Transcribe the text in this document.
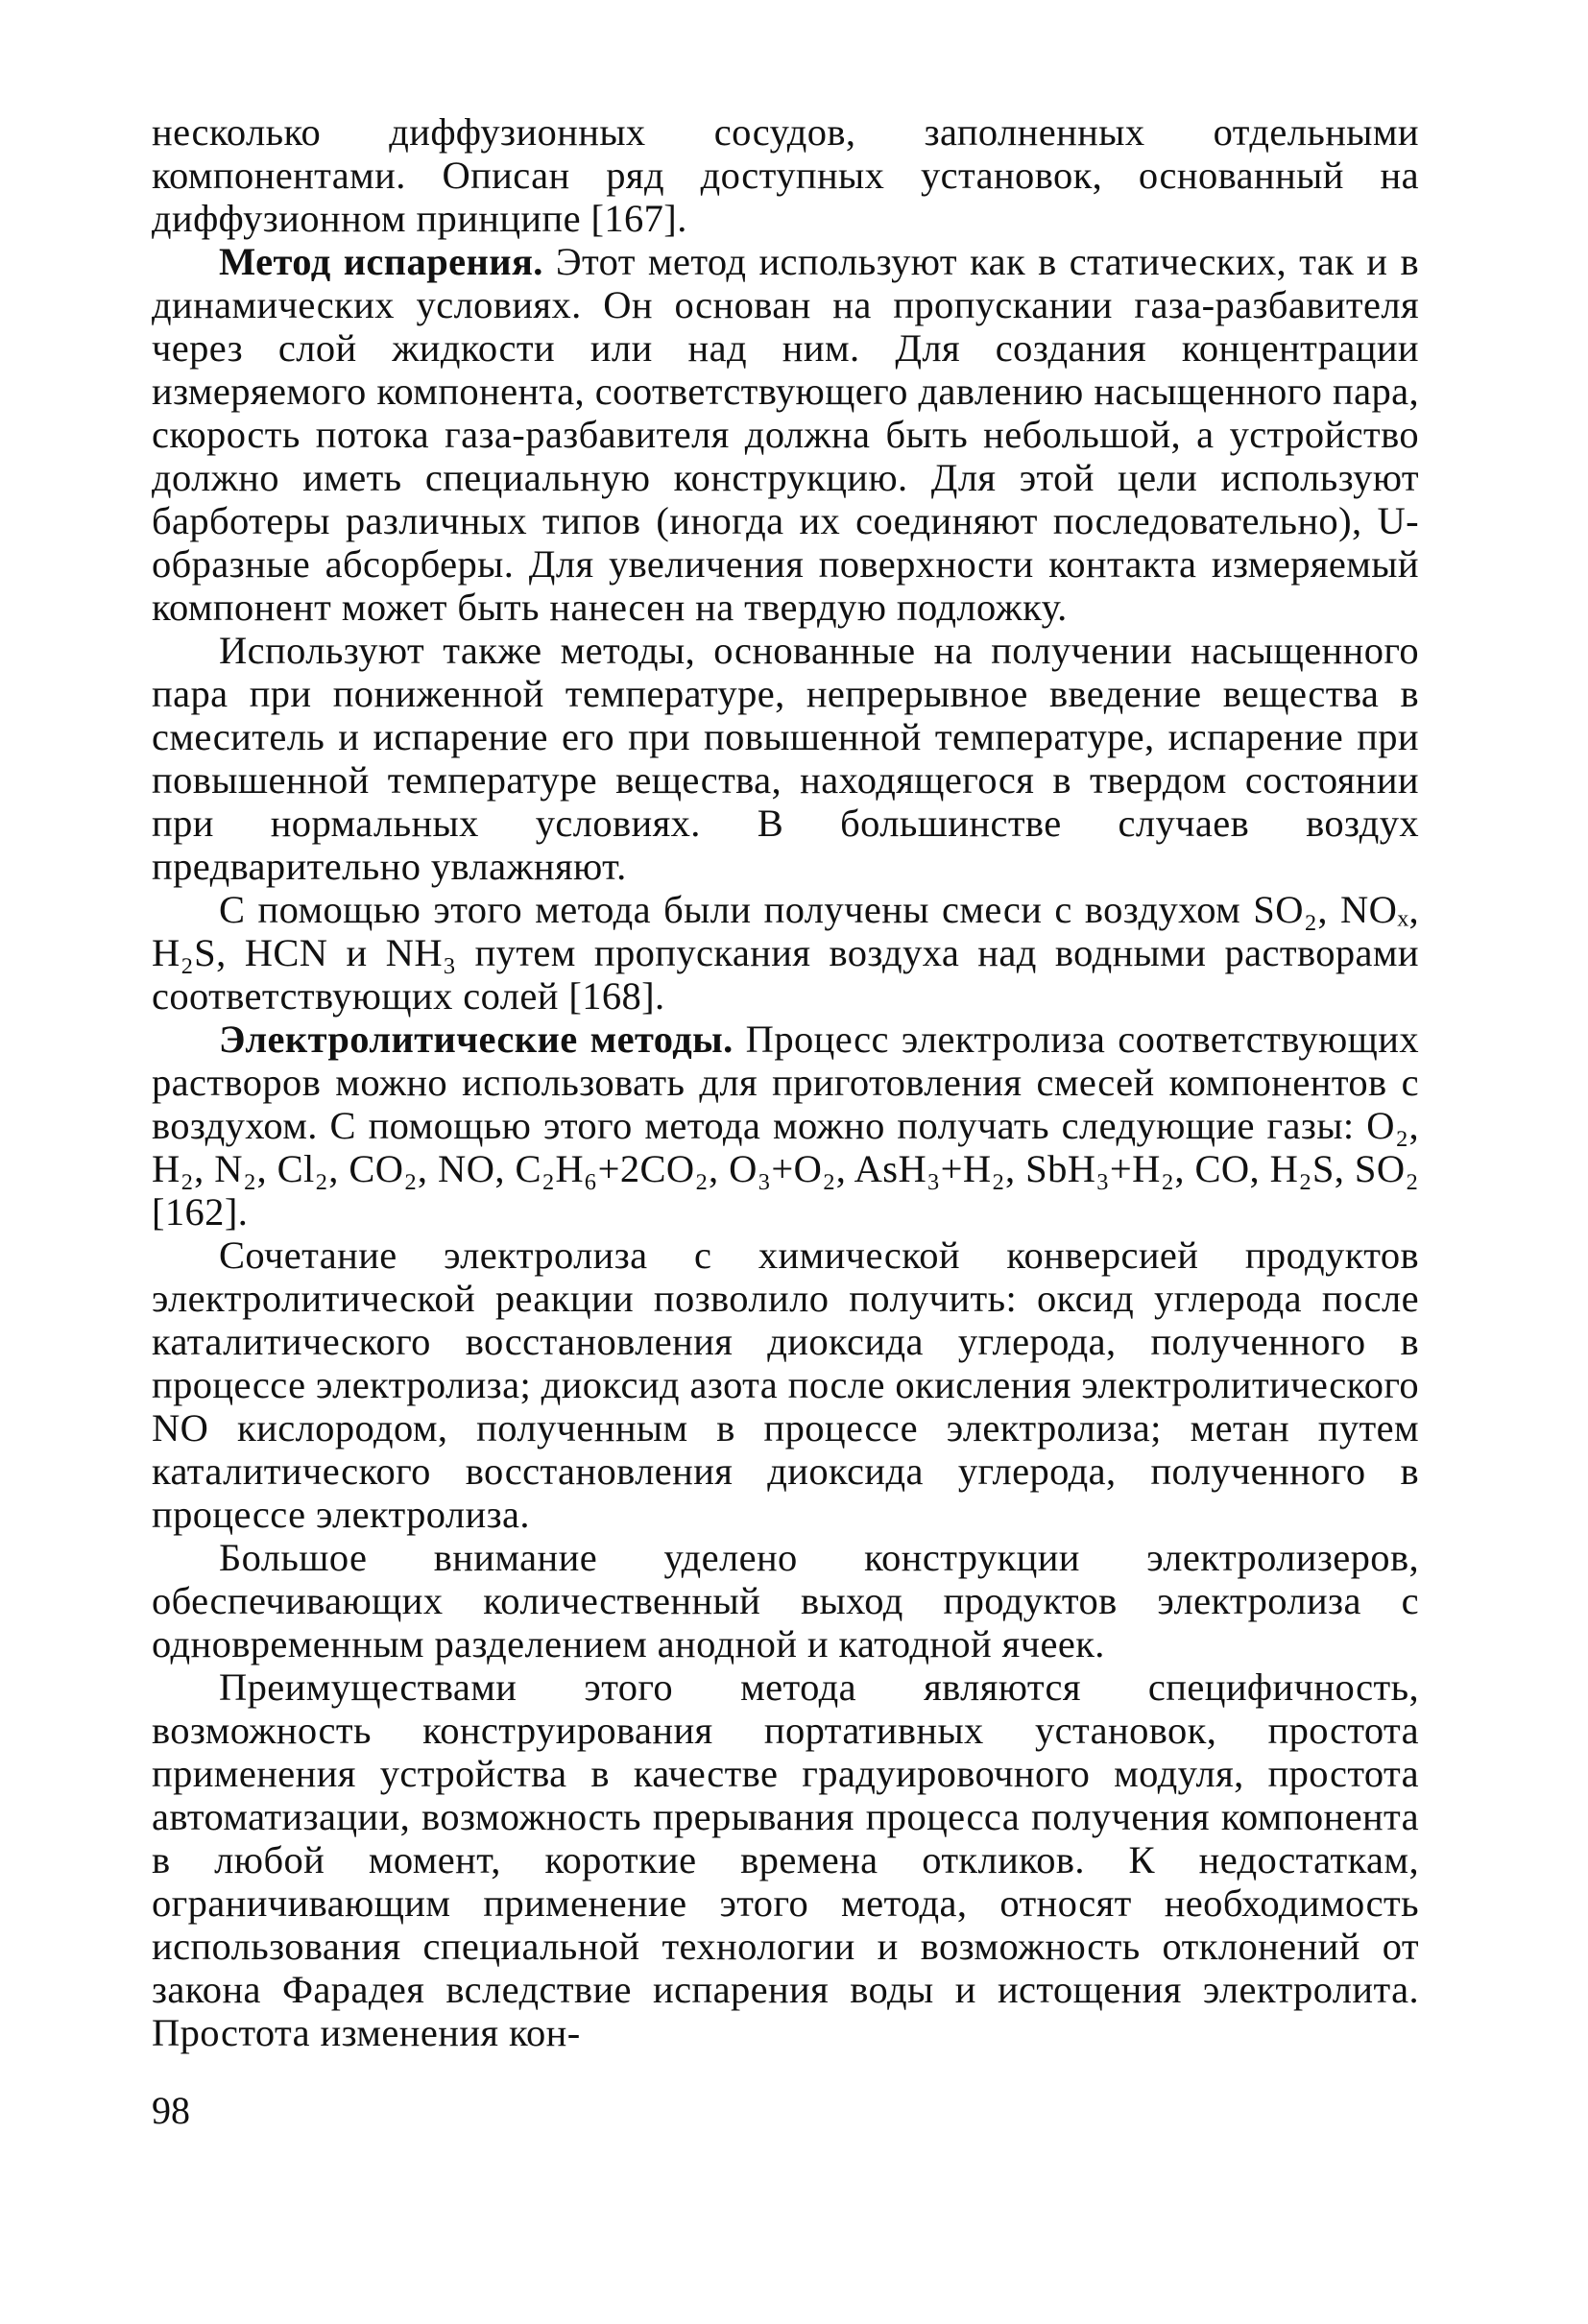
несколько диффузионных сосудов, заполненных отдельными компонентами. Описан ряд доступных установок, основанный на диффузионном принципе [167].

Метод испарения. Этот метод используют как в статических, так и в динамических условиях. Он основан на пропускании газа-разбавителя через слой жидкости или над ним. Для создания концентрации измеряемого компонента, соответствующего давлению насыщенного пара, скорость потока газа-разбавителя должна быть небольшой, а устройство должно иметь специальную конструкцию. Для этой цели используют барботеры различных типов (иногда их соединяют последовательно), U-образные абсорберы. Для увеличения поверхности контакта измеряемый компонент может быть нанесен на твердую подложку.

Используют также методы, основанные на получении насыщенного пара при пониженной температуре, непрерывное введение вещества в смеситель и испарение его при повышенной температуре, испарение при повышенной температуре вещества, находящегося в твердом состоянии при нормальных условиях. В большинстве случаев воздух предварительно увлажняют.

С помощью этого метода были получены смеси с воздухом SO₂, NOₓ, H₂S, HCN и NH₃ путем пропускания воздуха над водными растворами соответствующих солей [168].

Электролитические методы. Процесс электролиза соответствующих растворов можно использовать для приготовления смесей компонентов с воздухом. С помощью этого метода можно получать следующие газы: O₂, H₂, N₂, Cl₂, CO₂, NO, C₂H₆+2CO₂, O₃+O₂, AsH₃+H₂, SbH₃+H₂, CO, H₂S, SO₂ [162].

Сочетание электролиза с химической конверсией продуктов электролитической реакции позволило получить: оксид углерода после каталитического восстановления диоксида углерода, полученного в процессе электролиза; диоксид азота после окисления электролитического NO кислородом, полученным в процессе электролиза; метан путем каталитического восстановления диоксида углерода, полученного в процессе электролиза.

Большое внимание уделено конструкции электролизеров, обеспечивающих количественный выход продуктов электролиза с одновременным разделением анодной и катодной ячеек.

Преимуществами этого метода являются специфичность, возможность конструирования портативных установок, простота применения устройства в качестве градуировочного модуля, простота автоматизации, возможность прерывания процесса получения компонента в любой момент, короткие времена откликов. К недостаткам, ограничивающим применение этого метода, относят необходимость использования специальной технологии и возможность отклонений от закона Фарадея вследствие испарения воды и истощения электролита. Простота изменения кон-

98
